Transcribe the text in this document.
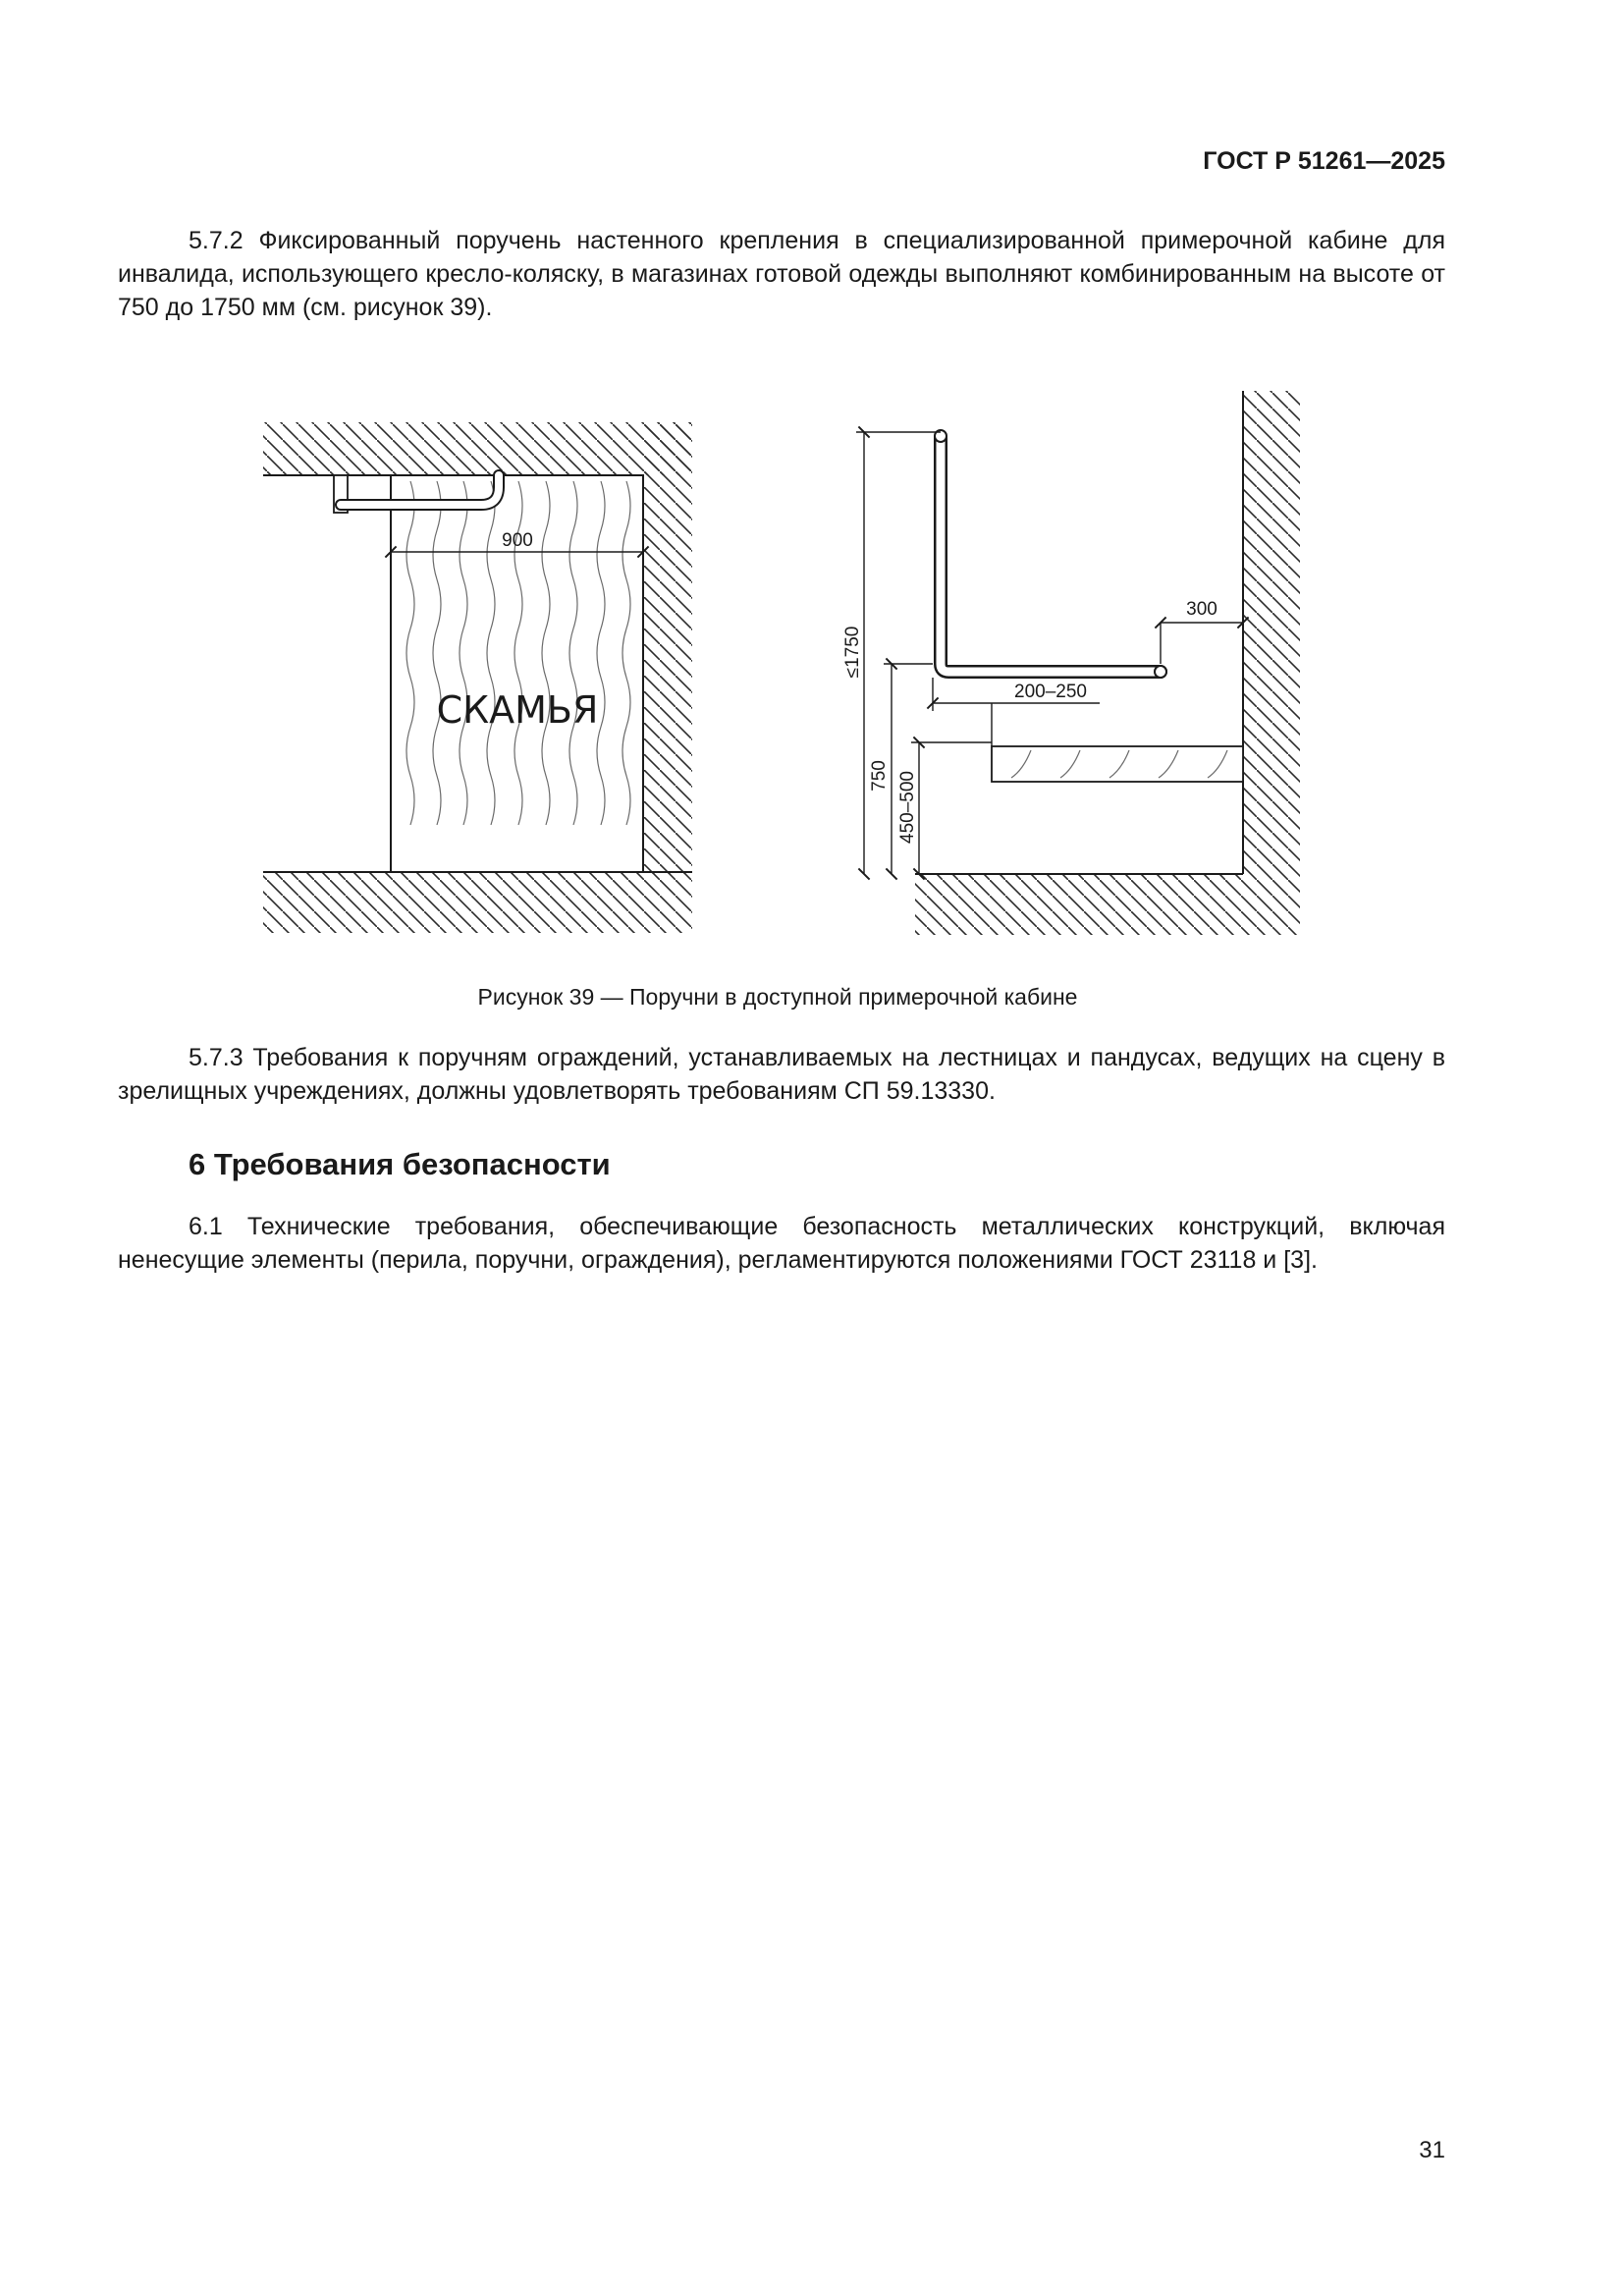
ГОСТ Р 51261—2025
5.7.2 Фиксированный поручень настенного крепления в специализированной примерочной кабине для инвалида, использующего кресло-коляску, в магазинах готовой одежды выполняют комбинированным на высоте от 750 до 1750 мм (см. рисунок 39).
900
СКАМЬЯ
≤1750
750 450–500
200–250
300
Рисунок 39 — Поручни в доступной примерочной кабине
5.7.3 Требования к поручням ограждений, устанавливаемых на лестницах и пандусах, ведущих на сцену в зрелищных учреждениях, должны удовлетворять требованиям СП 59.13330.
6 Требования безопасности
6.1 Технические требования, обеспечивающие безопасность металлических конструкций, включая ненесущие элементы (перила, поручни, ограждения), регламентируются положениями ГОСТ 23118 и [3].
31
